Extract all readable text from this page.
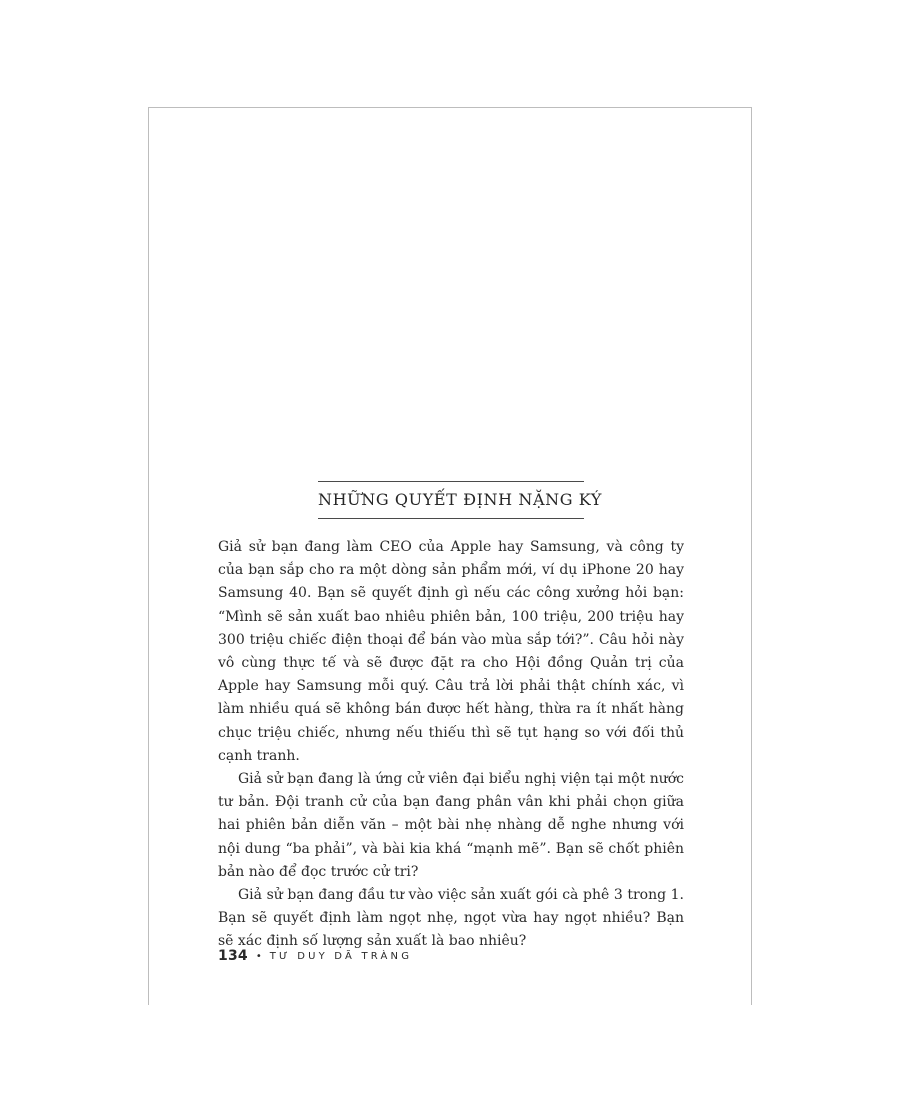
NHỮNG QUYẾT ĐỊNH NẶNG KÝ

Giả sử bạn đang làm CEO của Apple hay Samsung, và công ty của bạn sắp cho ra một dòng sản phẩm mới, ví dụ iPhone 20 hay Samsung 40. Bạn sẽ quyết định gì nếu các công xưởng hỏi bạn: “Mình sẽ sản xuất bao nhiêu phiên bản, 100 triệu, 200 triệu hay 300 triệu chiếc điện thoại để bán vào mùa sắp tới?”. Câu hỏi này vô cùng thực tế và sẽ được đặt ra cho Hội đồng Quản trị của Apple hay Samsung mỗi quý. Câu trả lời phải thật chính xác, vì làm nhiều quá sẽ không bán được hết hàng, thừa ra ít nhất hàng chục triệu chiếc, nhưng nếu thiếu thì sẽ tụt hạng so với đối thủ cạnh tranh.

Giả sử bạn đang là ứng cử viên đại biểu nghị viện tại một nước tư bản. Đội tranh cử của bạn đang phân vân khi phải chọn giữa hai phiên bản diễn văn – một bài nhẹ nhàng dễ nghe nhưng với nội dung “ba phải”, và bài kia khá “mạnh mẽ”. Bạn sẽ chốt phiên bản nào để đọc trước cử tri?

Giả sử bạn đang đầu tư vào việc sản xuất gói cà phê 3 trong 1. Bạn sẽ quyết định làm ngọt nhẹ, ngọt vừa hay ngọt nhiều? Bạn sẽ xác định số lượng sản xuất là bao nhiêu?

134 • TƯ DUY DÃ TRÀNG
